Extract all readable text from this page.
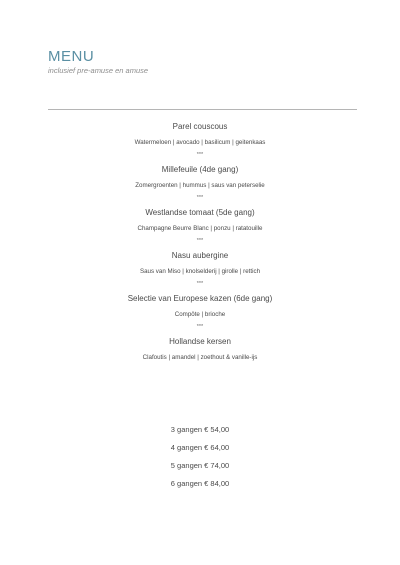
MENU
inclusief pre-amuse en amuse
Parel couscous
Watermeloen | avocado | basilicum | geitenkaas
***
Millefeuile (4de gang)
Zomergroenten | hummus | saus van peterselie
***
Westlandse tomaat (5de gang)
Champagne Beurre Blanc | ponzu | ratatouille
***
Nasu aubergine
Saus van Miso | knolselderij | girolle | rettich
***
Selectie van Europese kazen (6de gang)
Compôte | brioche
***
Hollandse kersen
Clafoutis | amandel | zoethout & vanille-ijs
3 gangen € 54,00
4 gangen € 64,00
5 gangen € 74,00
6 gangen € 84,00
